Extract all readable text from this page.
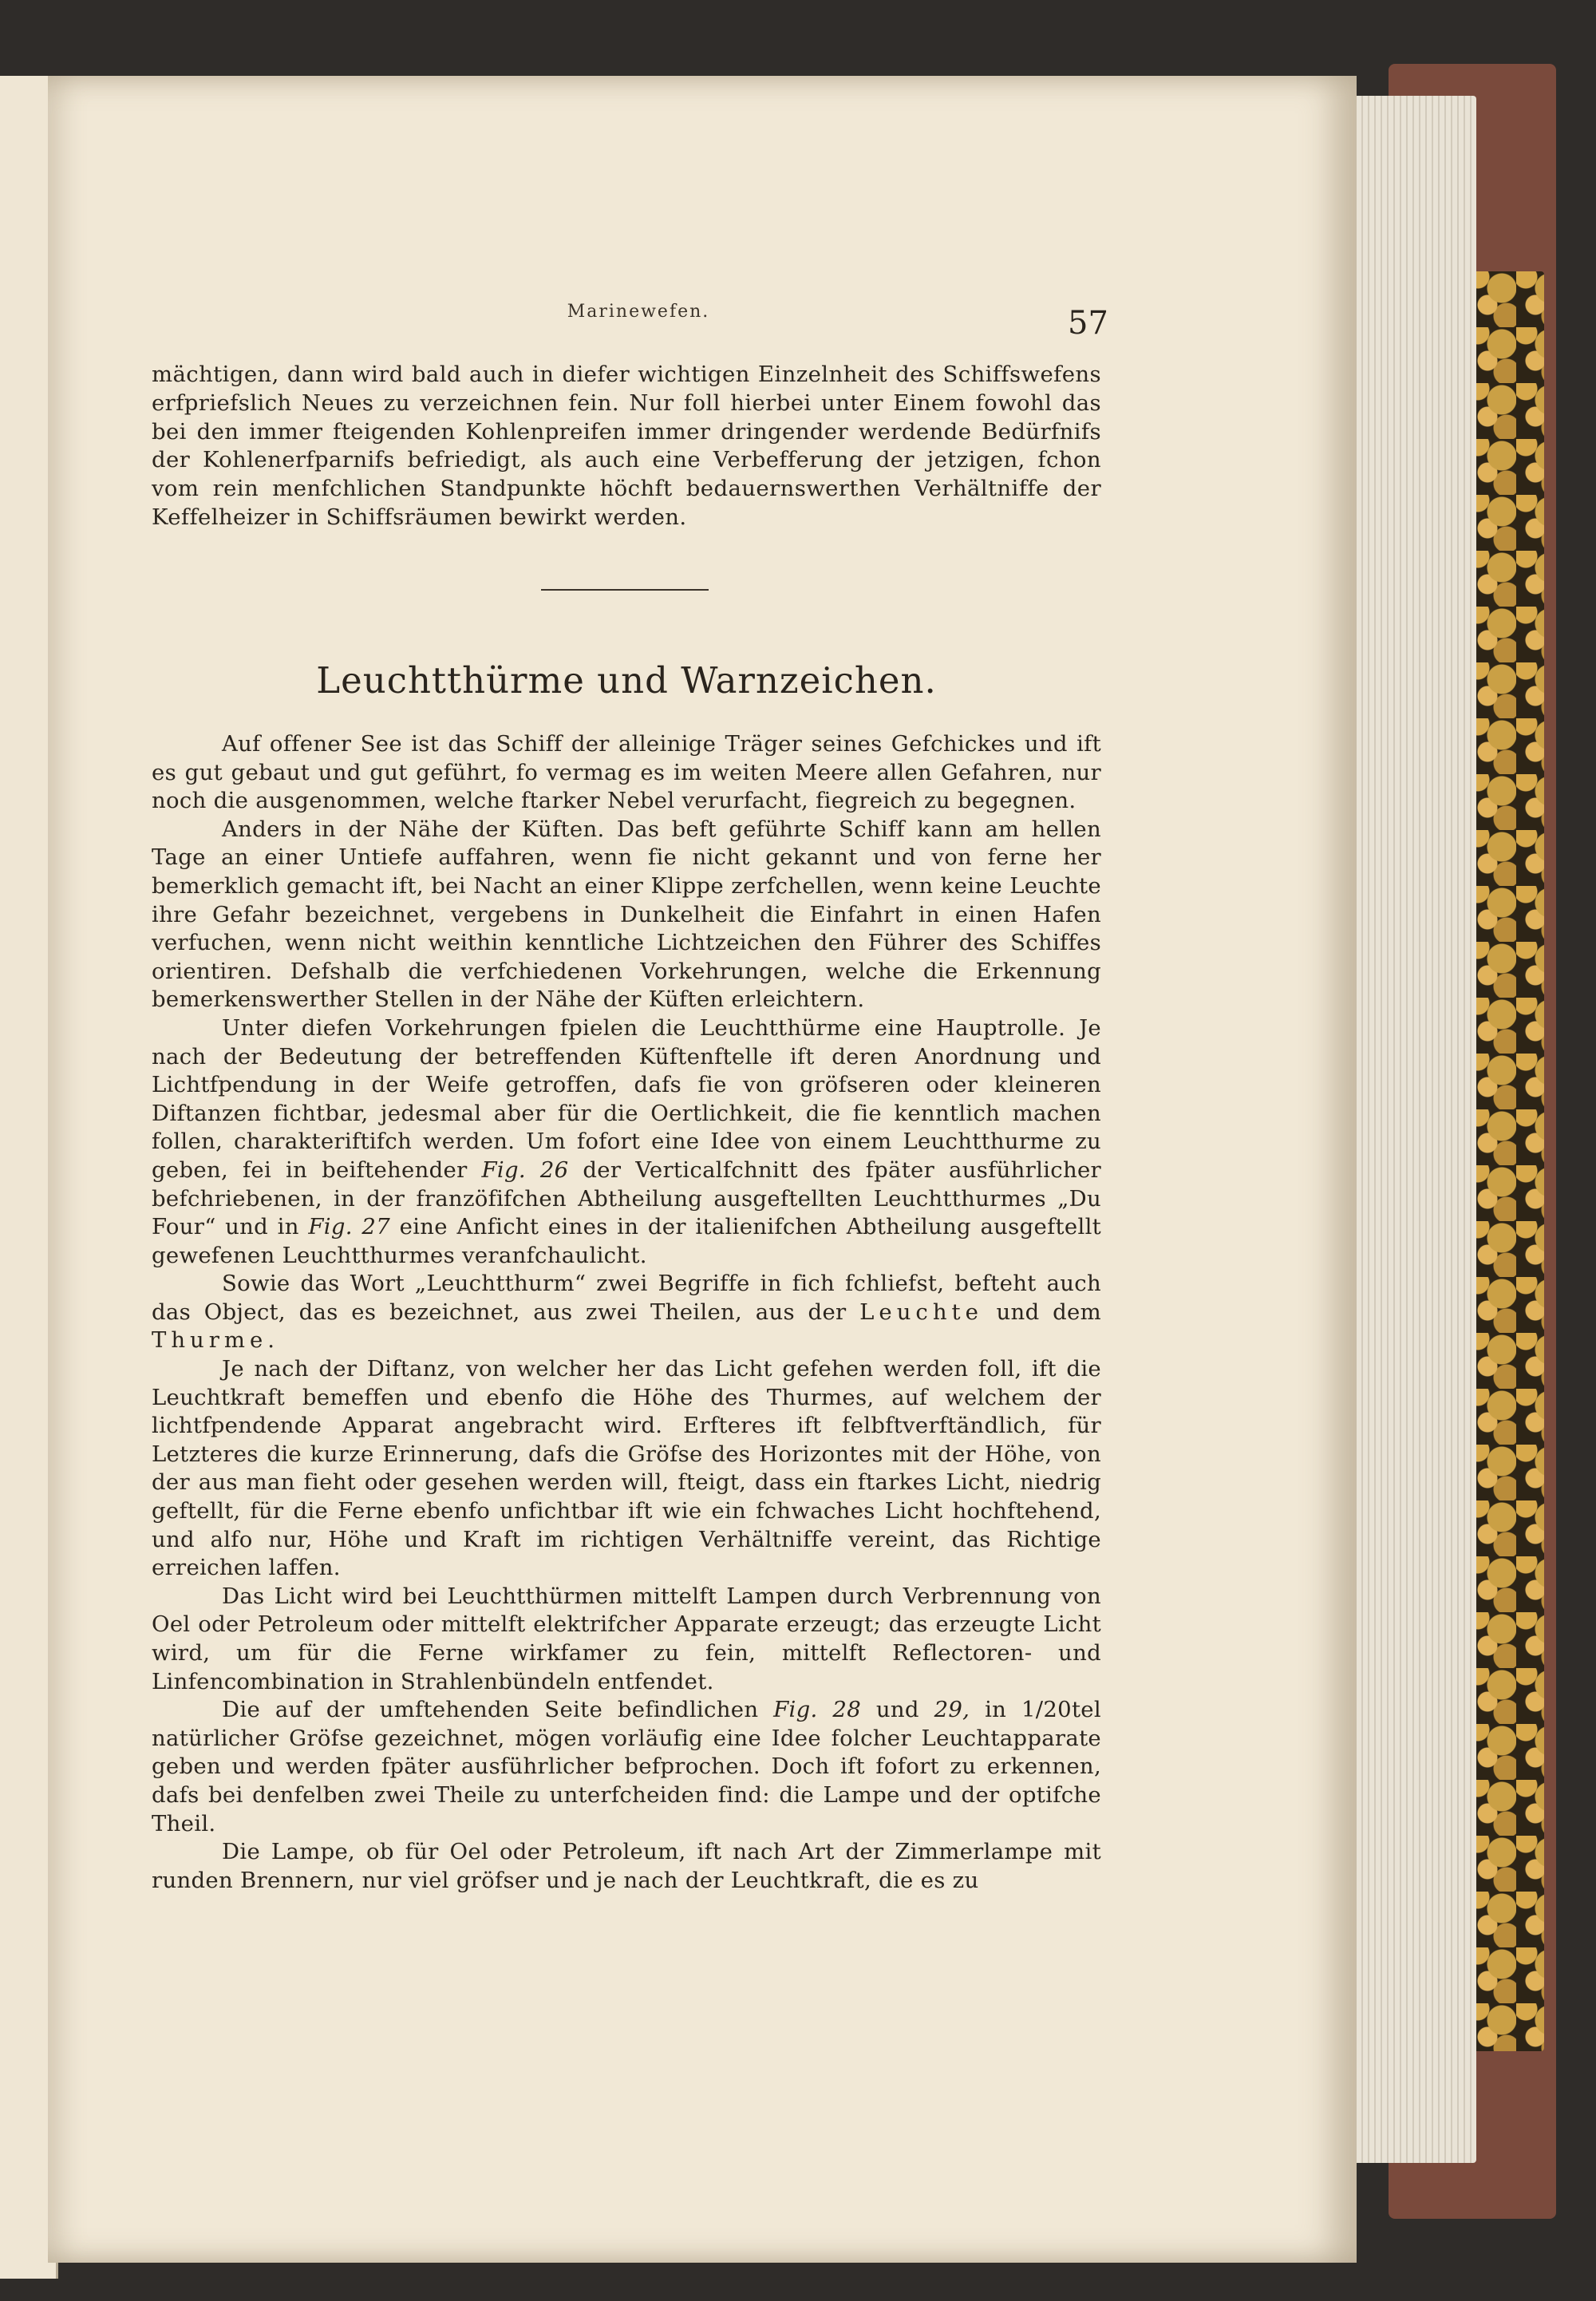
Marinewefen.	57

mächtigen, dann wird bald auch in diefer wichtigen Einzelnheit des Schiffswefens erfpriefslich Neues zu verzeichnen fein. Nur foll hierbei unter Einem fowohl das bei den immer fteigenden Kohlenpreifen immer dringender werdende Bedürfnifs der Kohlenerfparnifs befriedigt, als auch eine Verbefferung der jetzigen, fchon vom rein menfchlichen Standpunkte höchft bedauernswerthen Verhältniffe der Keffelheizer in Schiffsräumen bewirkt werden.

Leuchtthürme und Warnzeichen.

Auf offener See ist das Schiff der alleinige Träger seines Gefchickes und ift es gut gebaut und gut geführt, fo vermag es im weiten Meere allen Gefahren, nur noch die ausgenommen, welche ftarker Nebel verurfacht, fiegreich zu begegnen.

Anders in der Nähe der Küften. Das beft geführte Schiff kann am hellen Tage an einer Untiefe auffahren, wenn fie nicht gekannt und von ferne her bemerklich gemacht ift, bei Nacht an einer Klippe zerfchellen, wenn keine Leuchte ihre Gefahr bezeichnet, vergebens in Dunkelheit die Einfahrt in einen Hafen verfuchen, wenn nicht weithin kenntliche Lichtzeichen den Führer des Schiffes orientiren. Defshalb die verfchiedenen Vorkehrungen, welche die Erkennung bemerkenswerther Stellen in der Nähe der Küften erleichtern.

Unter diefen Vorkehrungen fpielen die Leuchtthürme eine Hauptrolle. Je nach der Bedeutung der betreffenden Küftenftelle ift deren Anordnung und Lichtfpendung in der Weife getroffen, dafs fie von gröfseren oder kleineren Diftanzen fichtbar, jedesmal aber für die Oertlichkeit, die fie kenntlich machen follen, charakteriftifch werden. Um fofort eine Idee von einem Leuchtthurme zu geben, fei in beiftehender Fig. 26 der Verticalfchnitt des fpäter ausführlicher befchriebenen, in der franzöfifchen Abtheilung ausgeftellten Leuchtthurmes „Du Four“ und in Fig. 27 eine Anficht eines in der italienifchen Abtheilung ausgeftellt gewefenen Leuchtthurmes veranfchaulicht.

Sowie das Wort „Leuchtthurm“ zwei Begriffe in fich fchliefst, befteht auch das Object, das es bezeichnet, aus zwei Theilen, aus der Leuchte und dem Thurme.

Je nach der Diftanz, von welcher her das Licht gefehen werden foll, ift die Leuchtkraft bemeffen und ebenfo die Höhe des Thurmes, auf welchem der lichtfpendende Apparat angebracht wird. Erfteres ift felbftverftändlich, für Letzteres die kurze Erinnerung, dafs die Gröfse des Horizontes mit der Höhe, von der aus man fieht oder gesehen werden will, fteigt, dass ein ftarkes Licht, niedrig geftellt, für die Ferne ebenfo unfichtbar ift wie ein fchwaches Licht hochftehend, und alfo nur, Höhe und Kraft im richtigen Verhältniffe vereint, das Richtige erreichen laffen.

Das Licht wird bei Leuchtthürmen mittelft Lampen durch Verbrennung von Oel oder Petroleum oder mittelft elektrifcher Apparate erzeugt; das erzeugte Licht wird, um für die Ferne wirkfamer zu fein, mittelft Reflectoren- und Linfencombination in Strahlenbündeln entfendet.

Die auf der umftehenden Seite befindlichen Fig. 28 und 29, in 1/20tel natürlicher Gröfse gezeichnet, mögen vorläufig eine Idee folcher Leuchtapparate geben und werden fpäter ausführlicher befprochen. Doch ift fofort zu erkennen, dafs bei denfelben zwei Theile zu unterfcheiden find: die Lampe und der optifche Theil.

Die Lampe, ob für Oel oder Petroleum, ift nach Art der Zimmerlampe mit runden Brennern, nur viel gröfser und je nach der Leuchtkraft, die es zu
